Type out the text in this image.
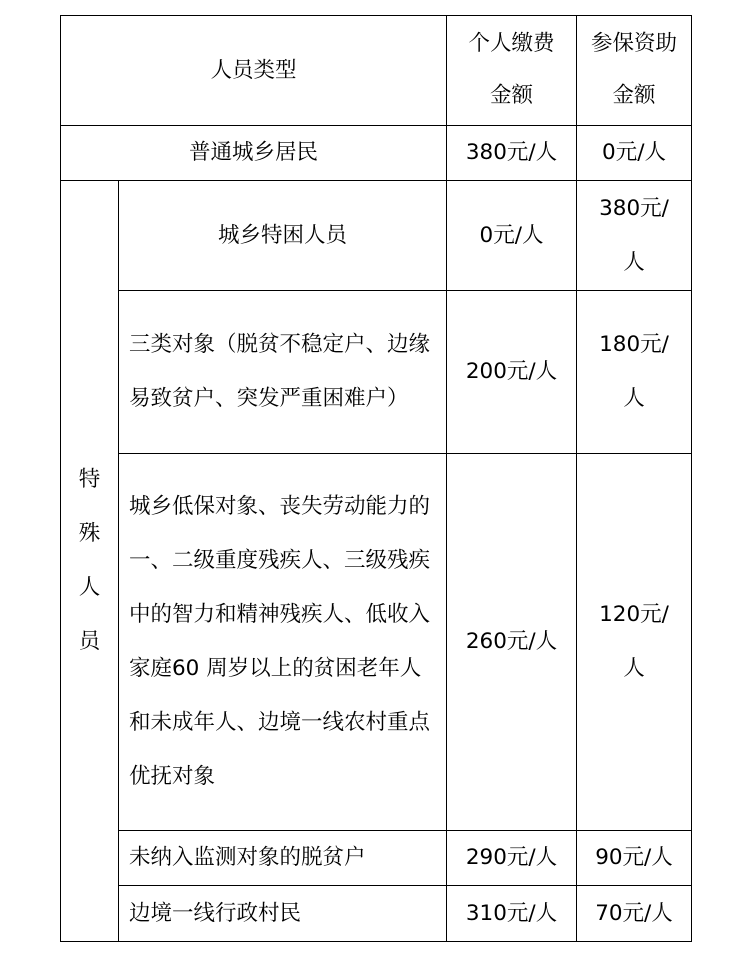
人员类型		个人缴费金额	参保资助金额
普通城乡居民		380元/人	0元/人
特殊人员	城乡特困人员	0元/人	380元/人

	三类对象（脱贫不稳定户、边缘易致贫户、突发严重困难户）	200元/人	180元/人

	城乡低保对象、丧失劳动能力的一、二级重度残疾人、三级残疾中的智力和精神残疾人、低收入家庭60 周岁以上的贫困老年人和未成年人、边境一线农村重点优抚对象	260元/人	120元/人
	未纳入监测对象的脱贫户	290元/人	90元/人
	边境一线行政村民	310元/人	70元/人
